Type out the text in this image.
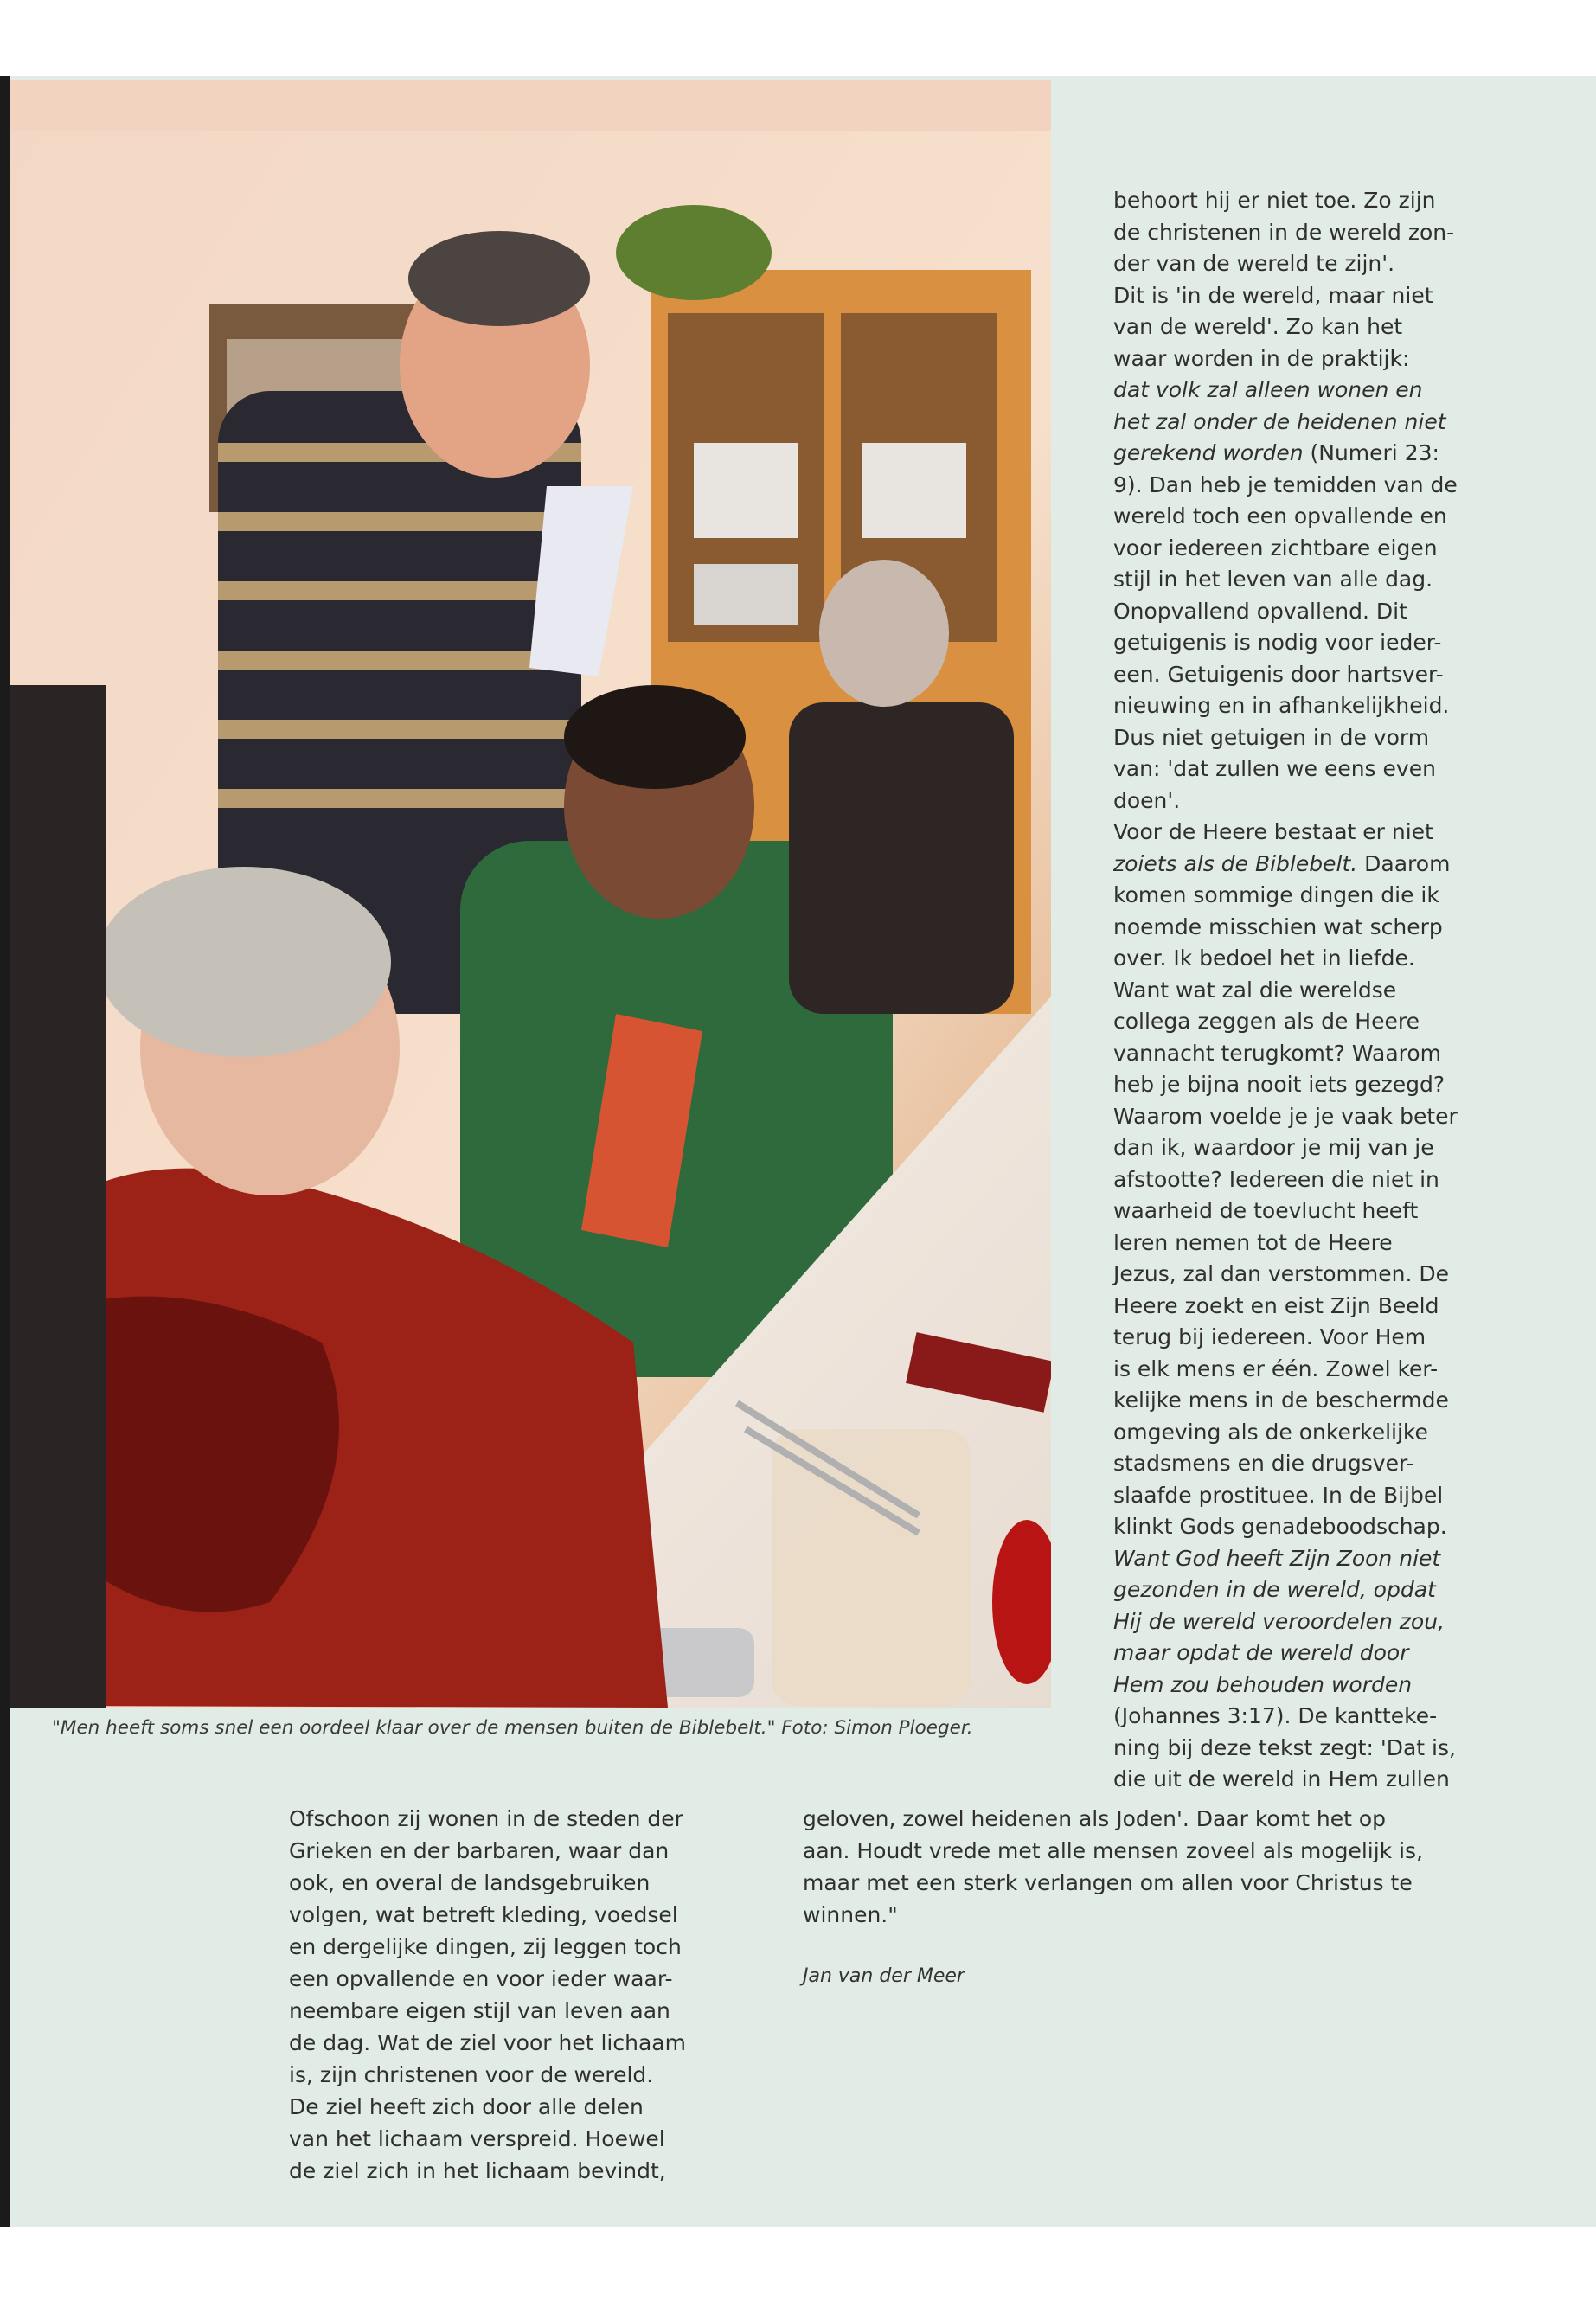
"Men heeft soms snel een oordeel klaar over de mensen buiten de Biblebelt." Foto: Simon Ploeger.

behoort hij er niet toe. Zo zijn

de christenen in de wereld zon-

der van de wereld te zijn'.

Dit is 'in de wereld, maar niet

van de wereld'. Zo kan het

waar worden in de praktijk:

dat volk zal alleen wonen en

het zal onder de heidenen niet

gerekend worden (Numeri 23:

9). Dan heb je temidden van de

wereld toch een opvallende en

voor iedereen zichtbare eigen

stijl in het leven van alle dag.

Onopvallend opvallend. Dit

getuigenis is nodig voor ieder-

een. Getuigenis door hartsver-

nieuwing en in afhankelijkheid.

Dus niet getuigen in de vorm

van: 'dat zullen we eens even

doen'.

Voor de Heere bestaat er niet

zoiets als de Biblebelt. Daarom

komen sommige dingen die ik

noemde misschien wat scherp

over. Ik bedoel het in liefde.

Want wat zal die wereldse

collega zeggen als de Heere

vannacht terugkomt? Waarom

heb je bijna nooit iets gezegd?

Waarom voelde je je vaak beter

dan ik, waardoor je mij van je

afstootte? Iedereen die niet in

waarheid de toevlucht heeft

leren nemen tot de Heere

Jezus, zal dan verstommen. De

Heere zoekt en eist Zijn Beeld

terug bij iedereen. Voor Hem

is elk mens er één. Zowel ker-

kelijke mens in de beschermde

omgeving als de onkerkelijke

stadsmens en die drugsver-

slaafde prostituee. In de Bijbel

klinkt Gods genadeboodschap.

Want God heeft Zijn Zoon niet

gezonden in de wereld, opdat

Hij de wereld veroordelen zou,

maar opdat de wereld door

Hem zou behouden worden

(Johannes 3:17). De kantteke-

ning bij deze tekst zegt: 'Dat is,

die uit de wereld in Hem zullen

Ofschoon zij wonen in de steden der

Grieken en der barbaren, waar dan

ook, en overal de landsgebruiken

volgen, wat betreft kleding, voedsel

en dergelijke dingen, zij leggen toch

een opvallende en voor ieder waar-

neembare eigen stijl van leven aan

de dag. Wat de ziel voor het lichaam

is, zijn christenen voor de wereld.

De ziel heeft zich door alle delen

van het lichaam verspreid. Hoewel

de ziel zich in het lichaam bevindt,

geloven, zowel heidenen als Joden'. Daar komt het op

aan. Houdt vrede met alle mensen zoveel als mogelijk is,

maar met een sterk verlangen om allen voor Christus te

winnen."

Jan van der Meer
